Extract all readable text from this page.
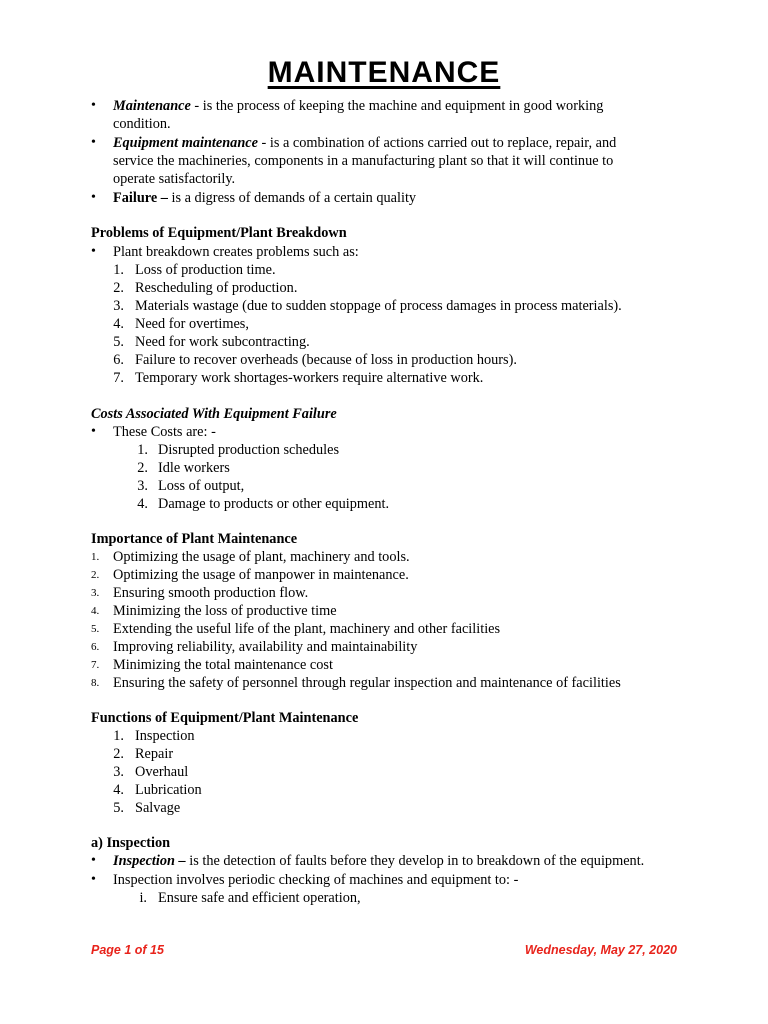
MAINTENANCE
• Maintenance - is the process of keeping the machine and equipment in good working
condition.
• Equipment maintenance - is a combination of actions carried out to replace, repair, and
service the machineries, components in a manufacturing plant so that it will continue to
operate satisfactorily.
• Failure – is a digress of demands of a certain quality
Problems of Equipment/Plant Breakdown
• Plant breakdown creates problems such as:
1. Loss of production time.
2. Rescheduling of production.
3. Materials wastage (due to sudden stoppage of process damages in process materials).
4. Need for overtimes,
5. Need for work subcontracting.
6. Failure to recover overheads (because of loss in production hours).
7. Temporary work shortages-workers require alternative work.
Costs Associated With Equipment Failure
• These Costs are: -
1. Disrupted production schedules
2. Idle workers
3. Loss of output,
4. Damage to products or other equipment.
Importance of Plant Maintenance
1. Optimizing the usage of plant, machinery and tools.
2. Optimizing the usage of manpower in maintenance.
3. Ensuring smooth production flow.
4. Minimizing the loss of productive time
5. Extending the useful life of the plant, machinery and other facilities
6. Improving reliability, availability and maintainability
7. Minimizing the total maintenance cost
8. Ensuring the safety of personnel through regular inspection and maintenance of facilities
Functions of Equipment/Plant Maintenance
1. Inspection
2. Repair
3. Overhaul
4. Lubrication
5. Salvage
a) Inspection
• Inspection – is the detection of faults before they develop in to breakdown of the equipment.
• Inspection involves periodic checking of machines and equipment to: -
i. Ensure safe and efficient operation,
Page 1 of 15	Wednesday, May 27, 2020
